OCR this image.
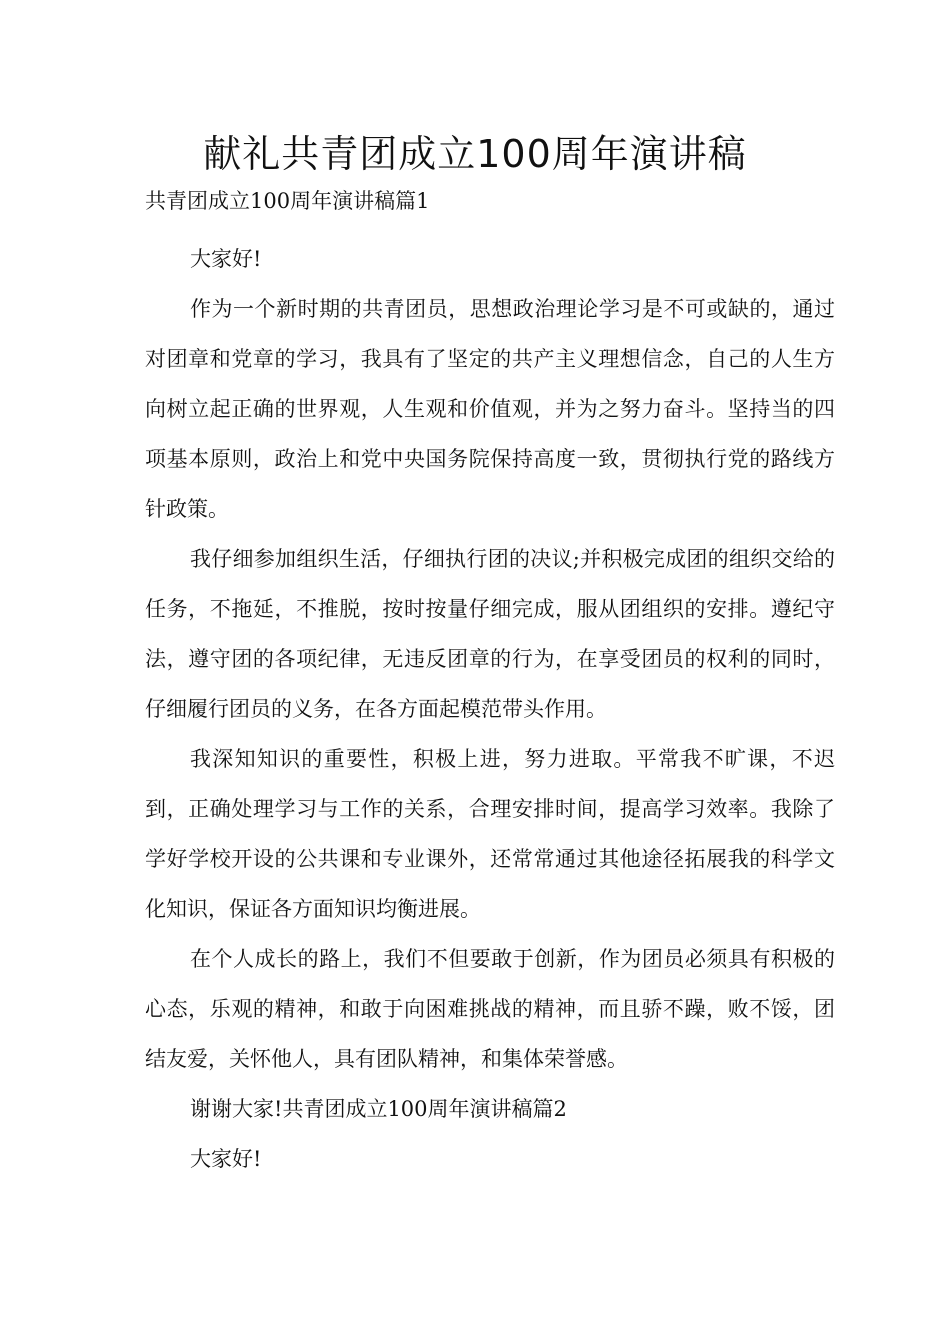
献礼共青团成立100周年演讲稿

共青团成立100周年演讲稿篇1

大家好!

作为一个新时期的共青团员，思想政治理论学习是不可或缺的，通过对团章和党章的学习，我具有了坚定的共产主义理想信念，自己的人生方向树立起正确的世界观，人生观和价值观，并为之努力奋斗。坚持当的四项基本原则，政治上和党中央国务院保持高度一致，贯彻执行党的路线方针政策。

我仔细参加组织生活，仔细执行团的决议;并积极完成团的组织交给的任务，不拖延，不推脱，按时按量仔细完成，服从团组织的安排。遵纪守法，遵守团的各项纪律，无违反团章的行为，在享受团员的权利的同时，仔细履行团员的义务，在各方面起模范带头作用。

我深知知识的重要性，积极上进，努力进取。平常我不旷课，不迟到，正确处理学习与工作的关系，合理安排时间，提高学习效率。我除了学好学校开设的公共课和专业课外，还常常通过其他途径拓展我的科学文化知识，保证各方面知识均衡进展。

在个人成长的路上，我们不但要敢于创新，作为团员必须具有积极的心态，乐观的精神，和敢于向困难挑战的精神，而且骄不躁，败不馁，团结友爱，关怀他人，具有团队精神，和集体荣誉感。

谢谢大家!共青团成立100周年演讲稿篇2

大家好!
